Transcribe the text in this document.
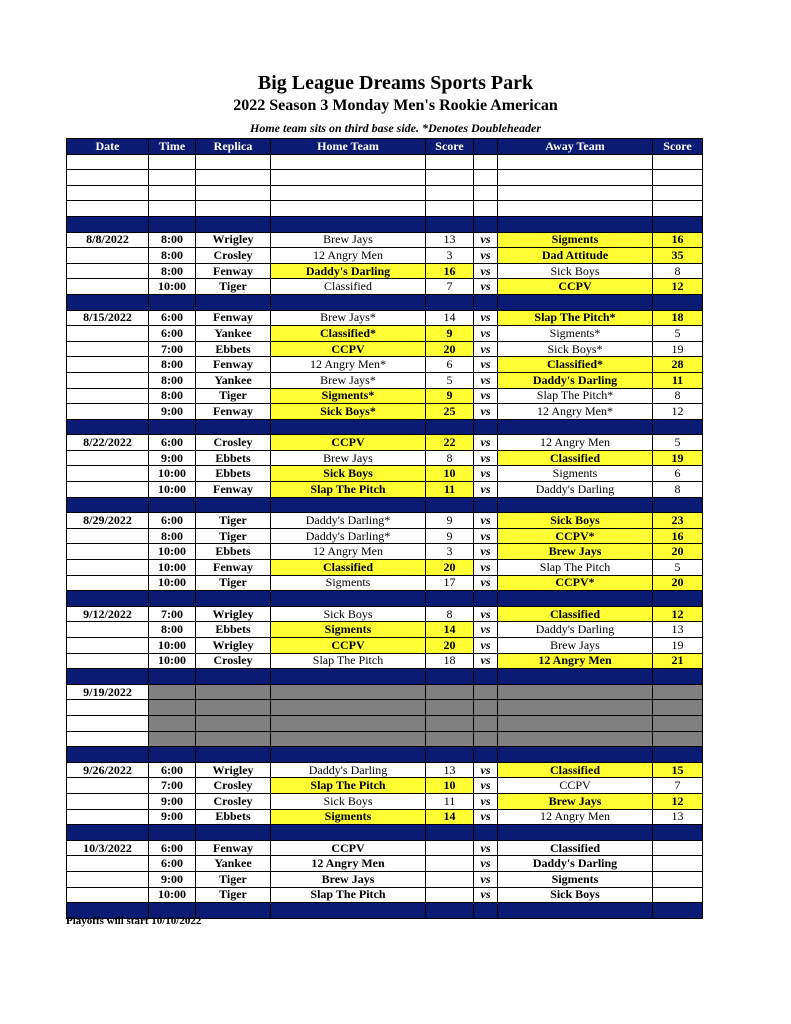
Big League Dreams Sports Park
2022 Season 3 Monday Men's Rookie American
Home team sits on third base side. *Denotes Doubleheader
Date	Time	Replica	Home Team	Score		Away Team	Score

8/8/2022	8:00	Wrigley	Brew Jays	13	vs	Sigments	16
	8:00	Crosley	12 Angry Men	3	vs	Dad Attitude	35
	8:00	Fenway	Daddy's Darling	16	vs	Sick Boys	8
	10:00	Tiger	Classified	7	vs	CCPV	12

8/15/2022	6:00	Fenway	Brew Jays*	14	vs	Slap The Pitch*	18
	6:00	Yankee	Classified*	9	vs	Sigments*	5
	7:00	Ebbets	CCPV	20	vs	Sick Boys*	19
	8:00	Fenway	12 Angry Men*	6	vs	Classified*	28
	8:00	Yankee	Brew Jays*	5	vs	Daddy's Darling	11
	8:00	Tiger	Sigments*	9	vs	Slap The Pitch*	8
	9:00	Fenway	Sick Boys*	25	vs	12 Angry Men*	12

8/22/2022	6:00	Crosley	CCPV	22	vs	12 Angry Men	5
	9:00	Ebbets	Brew Jays	8	vs	Classified	19
	10:00	Ebbets	Sick Boys	10	vs	Sigments	6
	10:00	Fenway	Slap The Pitch	11	vs	Daddy's Darling	8

8/29/2022	6:00	Tiger	Daddy's Darling*	9	vs	Sick Boys	23
	8:00	Tiger	Daddy's Darling*	9	vs	CCPV*	16
	10:00	Ebbets	12 Angry Men	3	vs	Brew Jays	20
	10:00	Fenway	Classified	20	vs	Slap The Pitch	5
	10:00	Tiger	Sigments	17	vs	CCPV*	20

9/12/2022	7:00	Wrigley	Sick Boys	8	vs	Classified	12
	8:00	Ebbets	Sigments	14	vs	Daddy's Darling	13
	10:00	Wrigley	CCPV	20	vs	Brew Jays	19
	10:00	Crosley	Slap The Pitch	18	vs	12 Angry Men	21

9/19/2022							

9/26/2022	6:00	Wrigley	Daddy's Darling	13	vs	Classified	15
	7:00	Crosley	Slap The Pitch	10	vs	CCPV	7
	9:00	Crosley	Sick Boys	11	vs	Brew Jays	12
	9:00	Ebbets	Sigments	14	vs	12 Angry Men	13

10/3/2022	6:00	Fenway	CCPV		vs	Classified	
	6:00	Yankee	12 Angry Men		vs	Daddy's Darling	
	9:00	Tiger	Brew Jays		vs	Sigments	
	10:00	Tiger	Slap The Pitch		vs	Sick Boys	

Playoffs will start 10/10/2022
